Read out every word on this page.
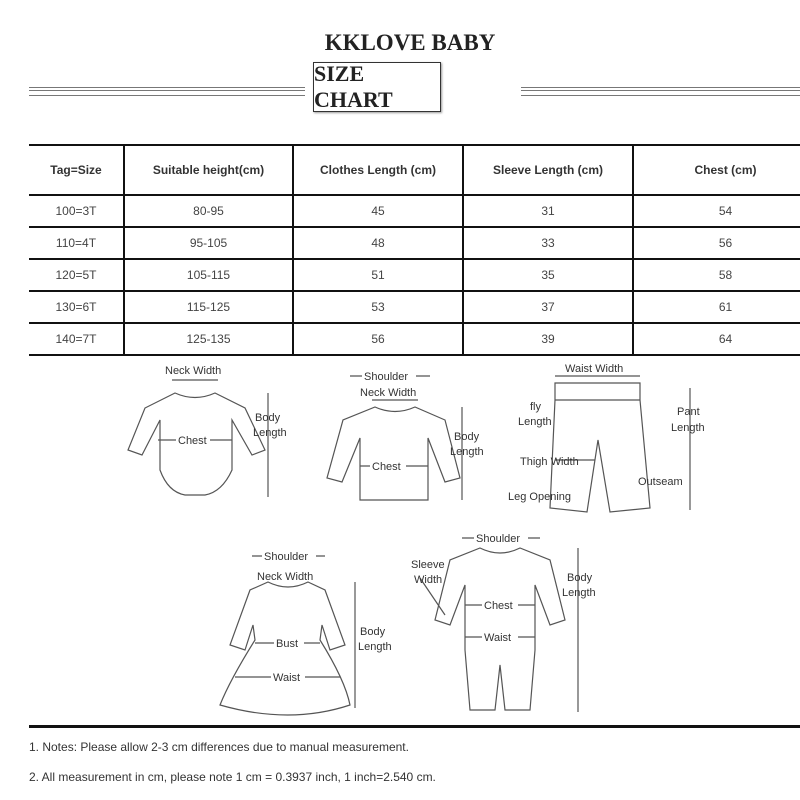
KKLOVE BABY
SIZE CHART
Tag=Size	Suitable height(cm)	Clothes Length (cm)	Sleeve Length (cm)	Chest (cm)
100=3T	80-95	45	31	54
110=4T	95-105	48	33	56
120=5T	105-115	51	35	58
130=6T	115-125	53	37	61
140=7T	125-135	56	39	64
Neck Width
Body
Length
Chest
Shoulder
Neck Width
Body
Length
Chest
Waist Width
fly
Length
Pant
Length
Thigh Width
Outseam
Leg Opening
Shoulder
Neck Width
Bust
Body
Length
Waist
Shoulder
Sleeve
Width	Body
Length
Chest
Waist
1. Notes: Please allow 2-3 cm differences due to manual measurement.
2. All measurement in cm, please note 1 cm = 0.3937 inch, 1 inch=2.540 cm.
